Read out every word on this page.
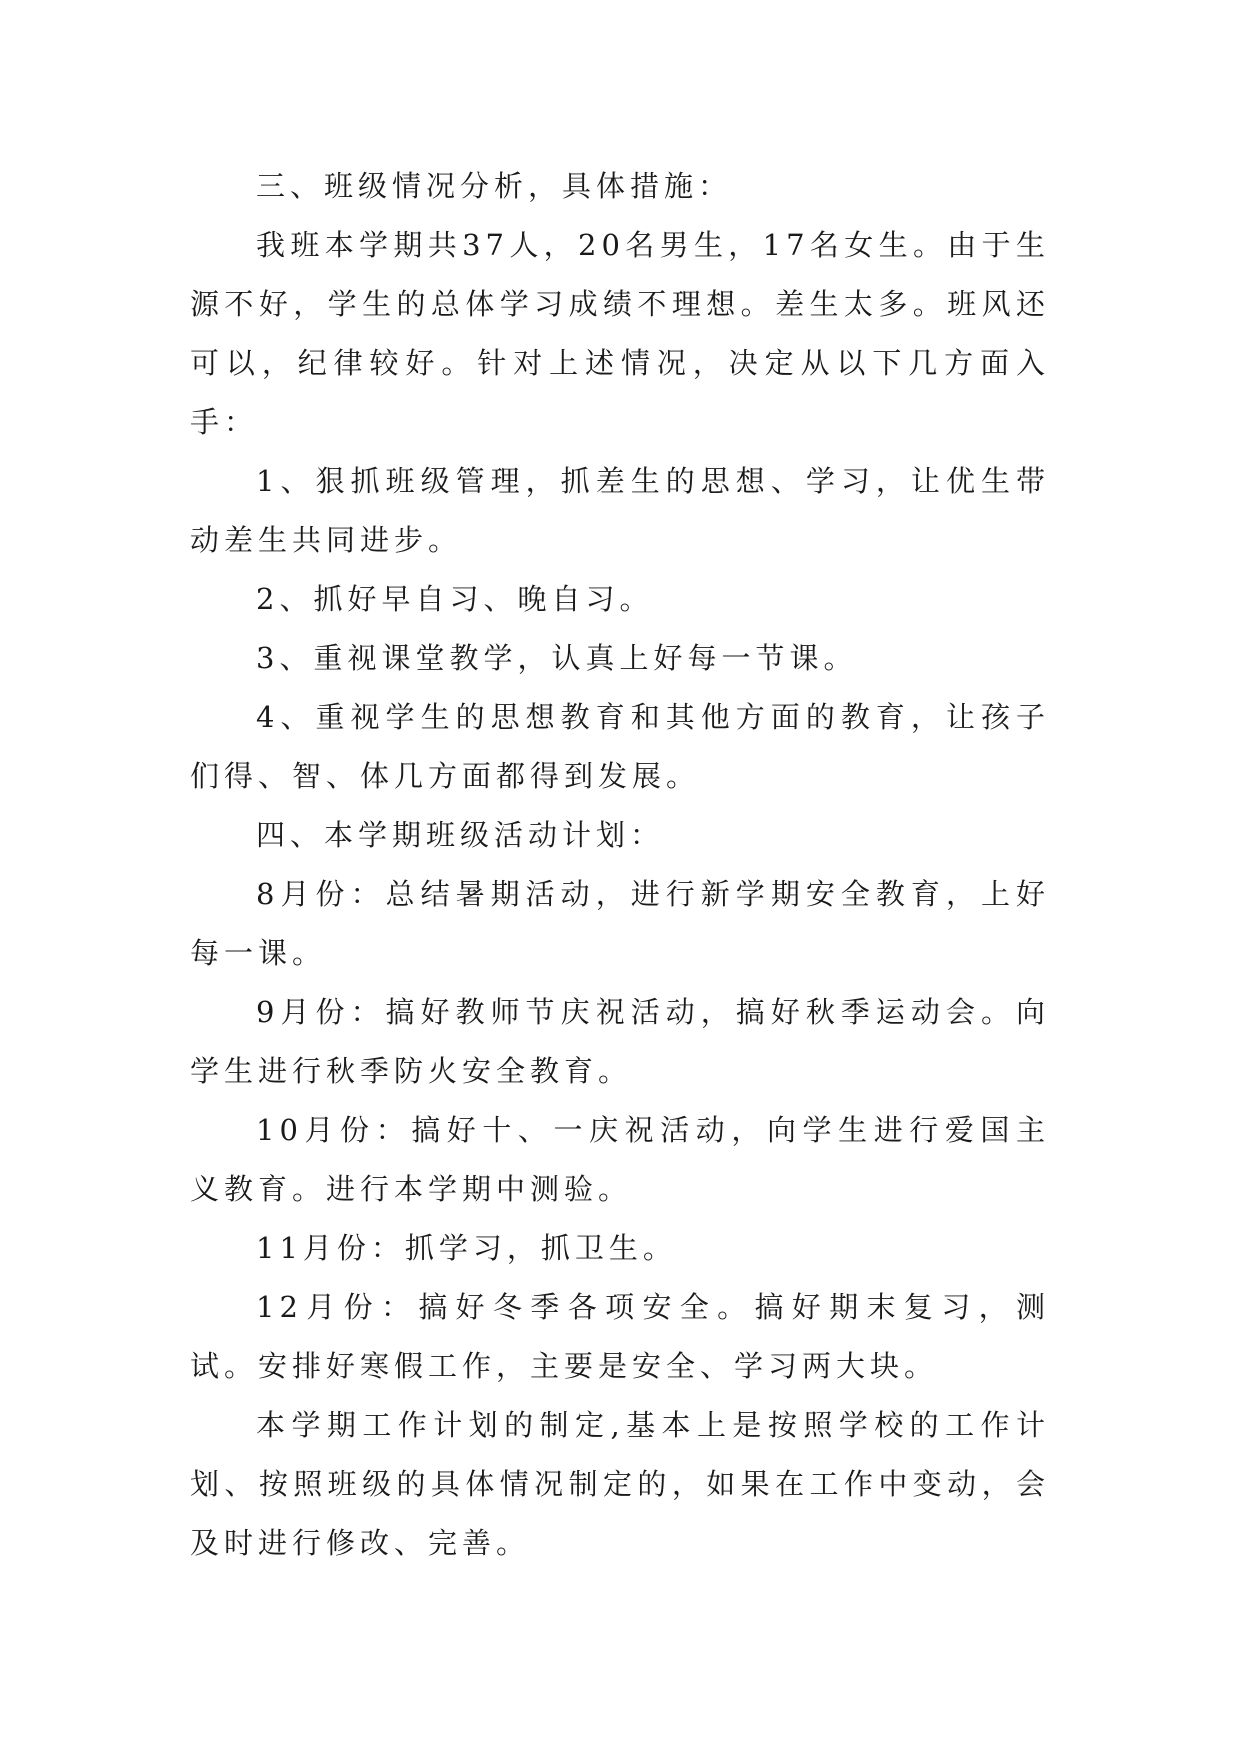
三、班级情况分析，具体措施：

我班本学期共37人，20名男生，17名女生。由于生源不好，学生的总体学习成绩不理想。差生太多。班风还可以，纪律较好。针对上述情况，决定从以下几方面入手：

1、狠抓班级管理，抓差生的思想、学习，让优生带动差生共同进步。

2、抓好早自习、晚自习。

3、重视课堂教学，认真上好每一节课。

4、重视学生的思想教育和其他方面的教育，让孩子们得、智、体几方面都得到发展。

四、本学期班级活动计划：

8月份：总结暑期活动，进行新学期安全教育，上好每一课。

9月份：搞好教师节庆祝活动，搞好秋季运动会。向学生进行秋季防火安全教育。

10月份：搞好十、一庆祝活动，向学生进行爱国主义教育。进行本学期中测验。

11月份：抓学习，抓卫生。

12月份：搞好冬季各项安全。搞好期末复习，测试。安排好寒假工作，主要是安全、学习两大块。

本学期工作计划的制定,基本上是按照学校的工作计划、按照班级的具体情况制定的，如果在工作中变动，会及时进行修改、完善。
